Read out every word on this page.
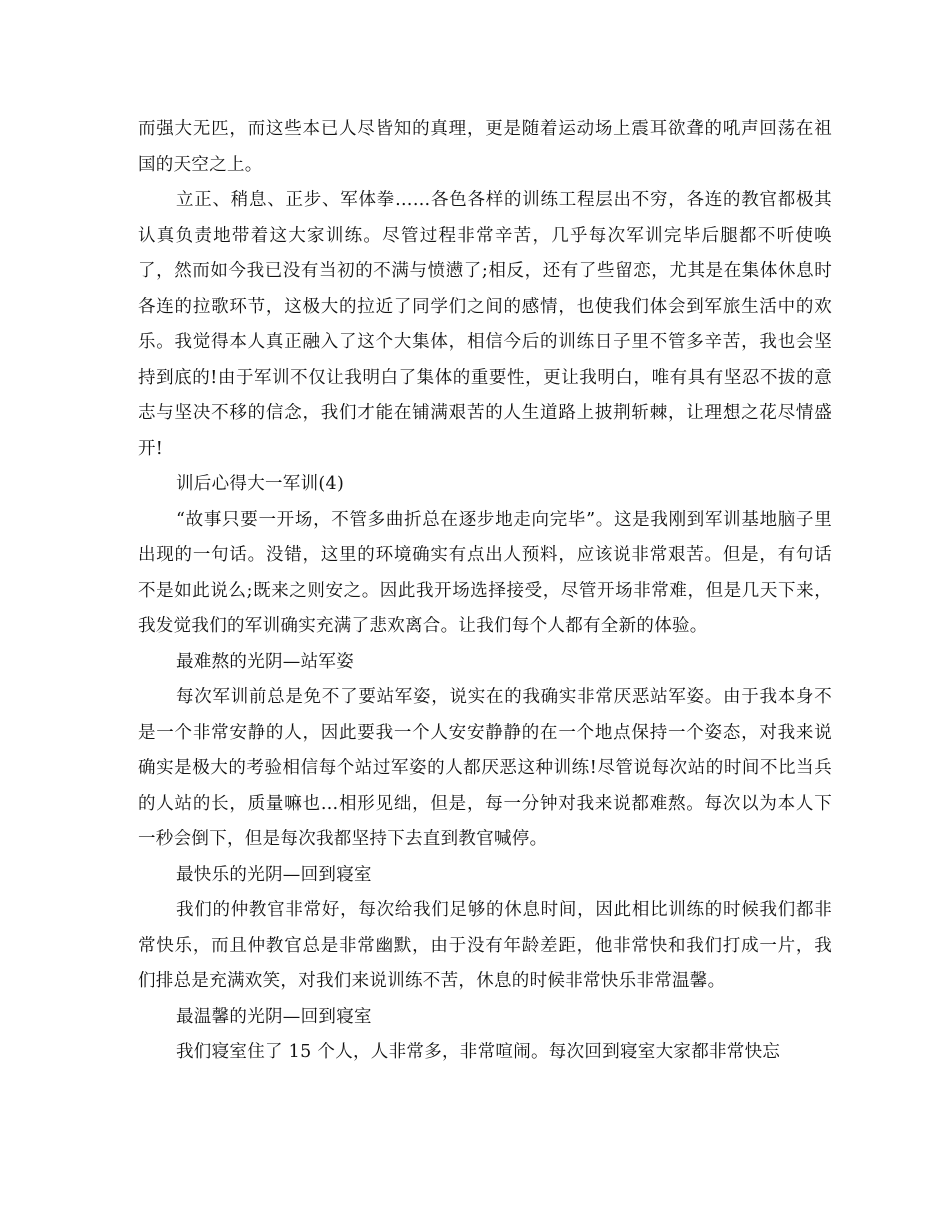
而强大无匹，而这些本已人尽皆知的真理，更是随着运动场上震耳欲聋的吼声回荡在祖国的天空之上。

立正、稍息、正步、军体拳……各色各样的训练工程层出不穷，各连的教官都极其认真负责地带着这大家训练。尽管过程非常辛苦，几乎每次军训完毕后腿都不听使唤了，然而如今我已没有当初的不满与愤懑了;相反，还有了些留恋，尤其是在集体休息时各连的拉歌环节，这极大的拉近了同学们之间的感情，也使我们体会到军旅生活中的欢乐。我觉得本人真正融入了这个大集体，相信今后的训练日子里不管多辛苦，我也会坚持到底的!由于军训不仅让我明白了集体的重要性，更让我明白，唯有具有坚忍不拔的意志与坚决不移的信念，我们才能在铺满艰苦的人生道路上披荆斩棘，让理想之花尽情盛开!

训后心得大一军训(4)

“故事只要一开场，不管多曲折总在逐步地走向完毕”。这是我刚到军训基地脑子里出现的一句话。没错，这里的环境确实有点出人预料，应该说非常艰苦。但是，有句话不是如此说么;既来之则安之。因此我开场选择接受，尽管开场非常难，但是几天下来，我发觉我们的军训确实充满了悲欢离合。让我们每个人都有全新的体验。

最难熬的光阴—站军姿

每次军训前总是免不了要站军姿，说实在的我确实非常厌恶站军姿。由于我本身不是一个非常安静的人，因此要我一个人安安静静的在一个地点保持一个姿态，对我来说确实是极大的考验相信每个站过军姿的人都厌恶这种训练!尽管说每次站的时间不比当兵的人站的长，质量嘛也…相形见绌，但是，每一分钟对我来说都难熬。每次以为本人下一秒会倒下，但是每次我都坚持下去直到教官喊停。

最快乐的光阴—回到寝室

我们的仲教官非常好，每次给我们足够的休息时间，因此相比训练的时候我们都非常快乐，而且仲教官总是非常幽默，由于没有年龄差距，他非常快和我们打成一片，我们排总是充满欢笑，对我们来说训练不苦，休息的时候非常快乐非常温馨。

最温馨的光阴—回到寝室

我们寝室住了 15 个人，人非常多，非常喧闹。每次回到寝室大家都非常快忘
